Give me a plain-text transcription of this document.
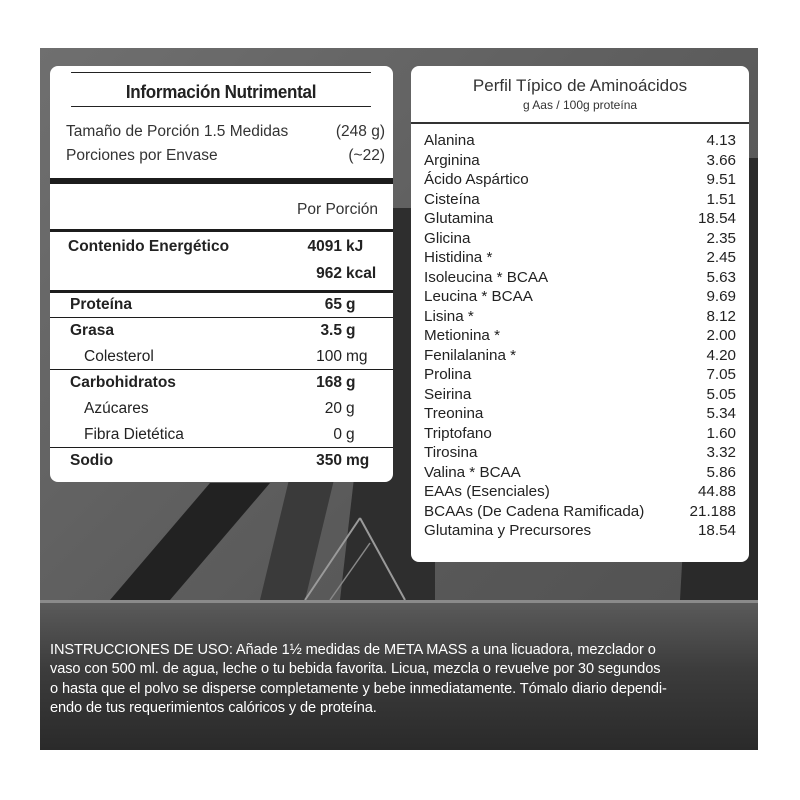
INSTRUCCIONES DE USO: Añade 1½ medidas de META MASS a una licuadora, mezclador o
vaso con 500 ml. de agua, leche o tu bebida favorita. Licua, mezcla o revuelve por 30 segundos
o hasta que el polvo se disperse completamente y bebe inmediatamente. Tómalo diario dependi-
endo de tus requerimientos calóricos y de proteína.
Información Nutrimental
Tamaño de Porción 1.5 Medidas	(248 g)
Porciones por Envase	(~22)
Por Porción
Contenido Energético	4091 kJ
962 kcal
Proteína	65 g
Grasa	3.5 g
Colesterol	100 mg
Carbohidratos	168 g
Azúcares	20 g
Fibra Dietética	0 g
Sodio	350 mg
Perfil Típico de Aminoácidos
g Aas / 100g proteína
Alanina	4.13
Arginina	3.66
Ácido Aspártico	9.51
Cisteína	1.51
Glutamina	18.54
Glicina	2.35
Histidina *	2.45
Isoleucina * BCAA	5.63
Leucina * BCAA	9.69
Lisina *	8.12
Metionina *	2.00
Fenilalanina *	4.20
Prolina	7.05
Seirina	5.05
Treonina	5.34
Triptofano	1.60
Tirosina	3.32
Valina * BCAA	5.86
EAAs (Esenciales)	44.88
BCAAs (De Cadena Ramificada)	21.188
Glutamina y Precursores	18.54
